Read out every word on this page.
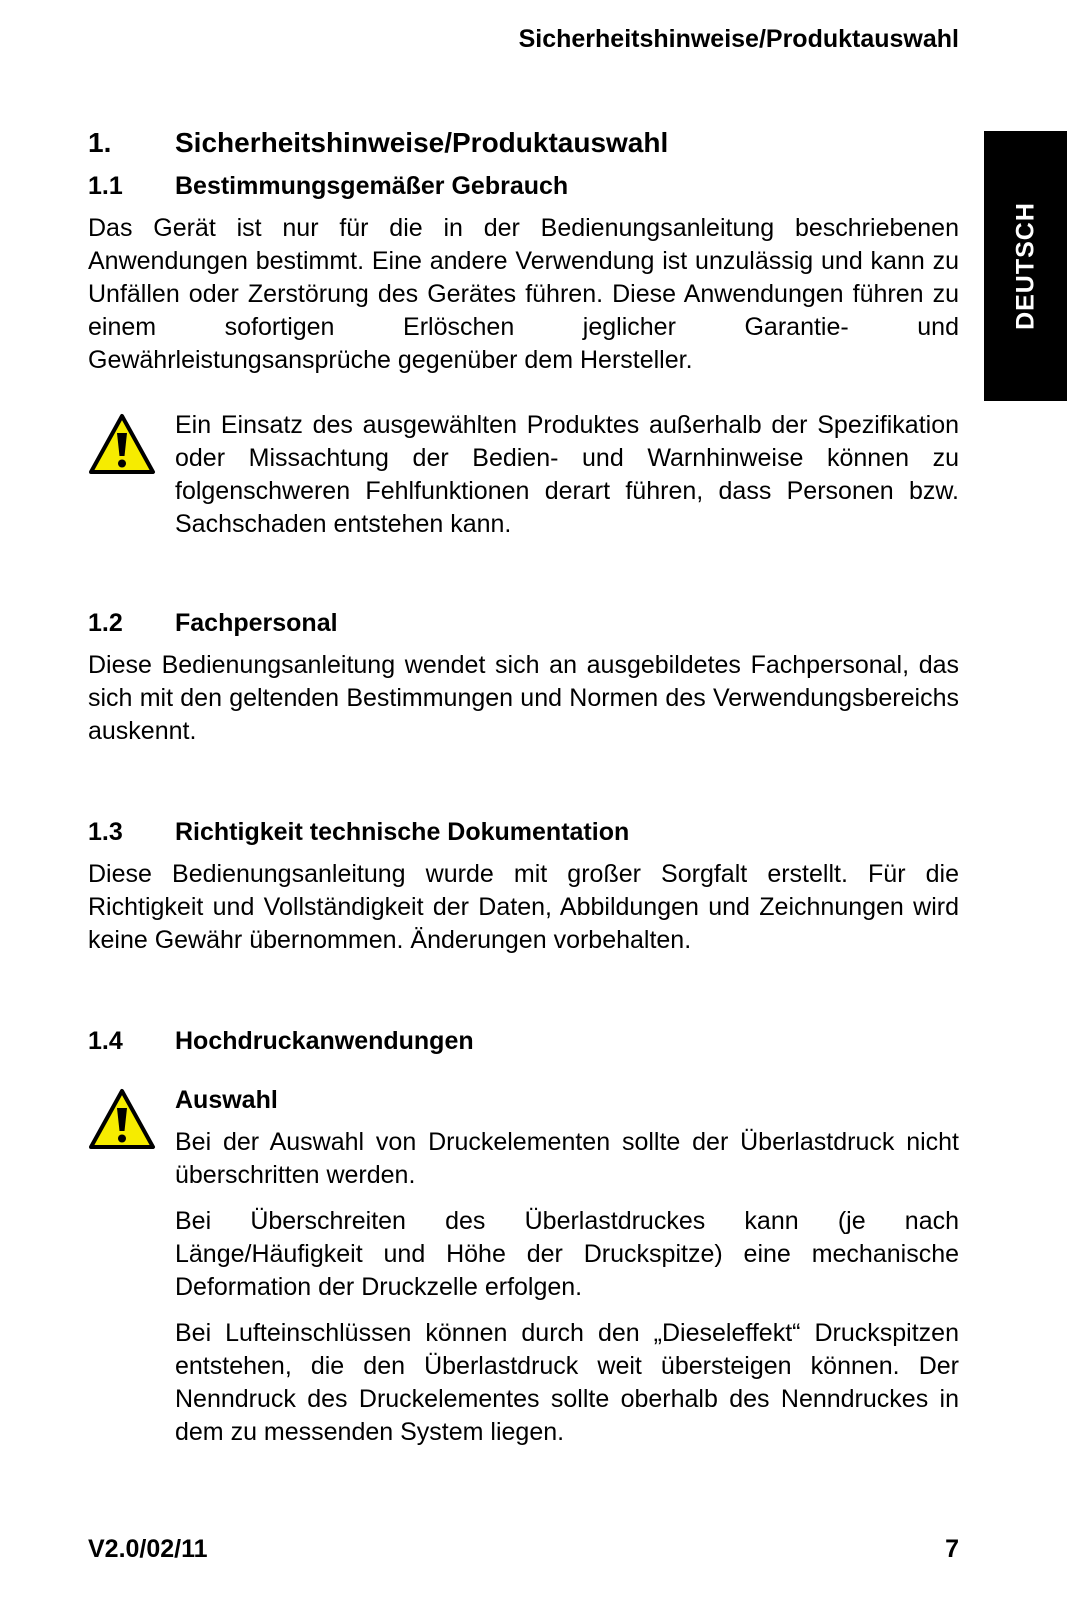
Sicherheitshinweise/Produktauswahl
DEUTSCH
1.	Sicherheitshinweise/Produktauswahl
1.1	Bestimmungsgemäßer Gebrauch

Das Gerät ist nur für die in der Bedienungsanleitung beschriebenen Anwendungen bestimmt. Eine andere Verwendung ist unzulässig und kann zu Unfällen oder Zerstörung des Gerätes führen. Diese Anwendungen führen zu einem sofortigen Erlöschen jeglicher Garantie- und Gewährleistungsansprüche gegenüber dem Hersteller.

Ein Einsatz des ausgewählten Produktes außerhalb der Spezifikation oder Missachtung der Bedien- und Warnhinweise können zu folgenschweren Fehlfunktionen derart führen, dass Personen bzw. Sachschaden entstehen kann.

1.2	Fachpersonal

Diese Bedienungsanleitung wendet sich an ausgebildetes Fachpersonal, das sich mit den geltenden Bestimmungen und Normen des Verwendungsbereichs auskennt.

1.3	Richtigkeit technische Dokumentation

Diese Bedienungsanleitung wurde mit großer Sorgfalt erstellt. Für die Richtigkeit und Vollständigkeit der Daten, Abbildungen und Zeichnungen wird keine Gewähr übernommen. Änderungen vorbehalten.

1.4	Hochdruckanwendungen
Auswahl

Bei der Auswahl von Druckelementen sollte der Überlastdruck nicht überschritten werden.

Bei Überschreiten des Überlastdruckes kann (je nach Länge/Häufigkeit und Höhe der Druckspitze) eine mechanische Deformation der Druckzelle erfolgen.

Bei Lufteinschlüssen können durch den „Dieseleffekt“ Druckspitzen entstehen, die den Überlastdruck weit übersteigen können. Der Nenndruck des Druckelementes sollte oberhalb des Nenndruckes in dem zu messenden System liegen.

V2.0/02/11	7
